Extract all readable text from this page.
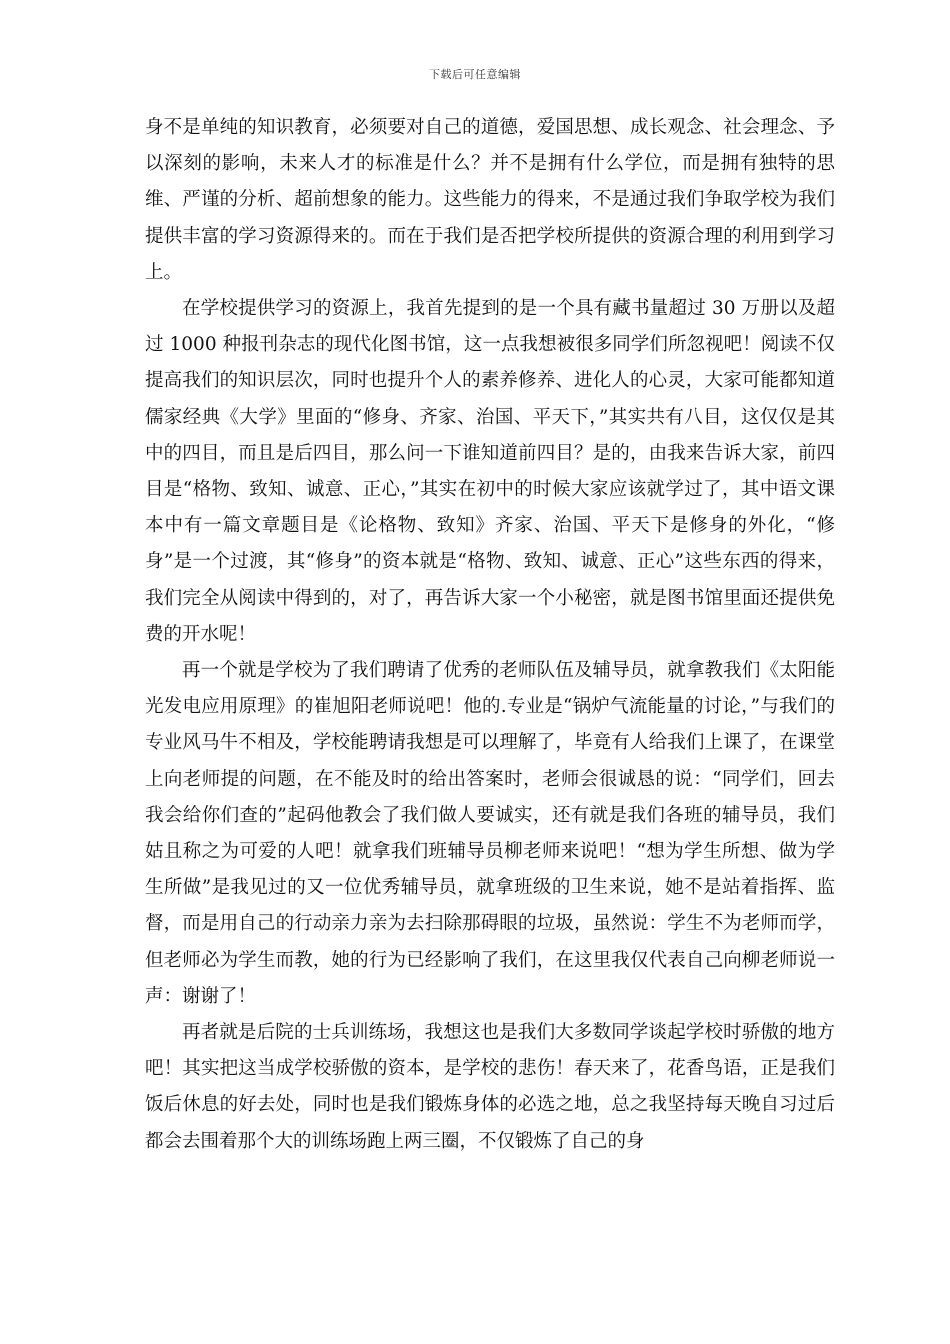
下载后可任意编辑

身不是单纯的知识教育，必须要对自己的道德，爱国思想、成长观念、社会理念、予以深刻的影响，未来人才的标准是什么？并不是拥有什么学位，而是拥有独特的思维、严谨的分析、超前想象的能力。这些能力的得来，不是通过我们争取学校为我们提供丰富的学习资源得来的。而在于我们是否把学校所提供的资源合理的利用到学习上。

在学校提供学习的资源上，我首先提到的是一个具有藏书量超过 30 万册以及超过 1000 种报刊杂志的现代化图书馆，这一点我想被很多同学们所忽视吧！阅读不仅提高我们的知识层次，同时也提升个人的素养修养、进化人的心灵，大家可能都知道儒家经典《大学》里面的“修身、齐家、治国、平天下，”其实共有八目，这仅仅是其中的四目，而且是后四目，那么问一下谁知道前四目？是的，由我来告诉大家，前四目是“格物、致知、诚意、正心，”其实在初中的时候大家应该就学过了，其中语文课本中有一篇文章题目是《论格物、致知》齐家、治国、平天下是修身的外化，“修身”是一个过渡，其“修身”的资本就是“格物、致知、诚意、正心”这些东西的得来，我们完全从阅读中得到的，对了，再告诉大家一个小秘密，就是图书馆里面还提供免费的开水呢！

再一个就是学校为了我们聘请了优秀的老师队伍及辅导员，就拿教我们《太阳能光发电应用原理》的崔旭阳老师说吧！他的.专业是“锅炉气流能量的讨论，”与我们的专业风马牛不相及，学校能聘请我想是可以理解了，毕竟有人给我们上课了，在课堂上向老师提的问题，在不能及时的给出答案时，老师会很诚恳的说：“同学们，回去我会给你们查的”起码他教会了我们做人要诚实，还有就是我们各班的辅导员，我们姑且称之为可爱的人吧！就拿我们班辅导员柳老师来说吧！“想为学生所想、做为学生所做”是我见过的又一位优秀辅导员，就拿班级的卫生来说，她不是站着指挥、监督，而是用自己的行动亲力亲为去扫除那碍眼的垃圾，虽然说：学生不为老师而学，但老师必为学生而教，她的行为已经影响了我们，在这里我仅代表自己向柳老师说一声：谢谢了！

再者就是后院的士兵训练场，我想这也是我们大多数同学谈起学校时骄傲的地方吧！其实把这当成学校骄傲的资本，是学校的悲伤！春天来了，花香鸟语，正是我们饭后休息的好去处，同时也是我们锻炼身体的必选之地，总之我坚持每天晚自习过后都会去围着那个大的训练场跑上两三圈，不仅锻炼了自己的身
